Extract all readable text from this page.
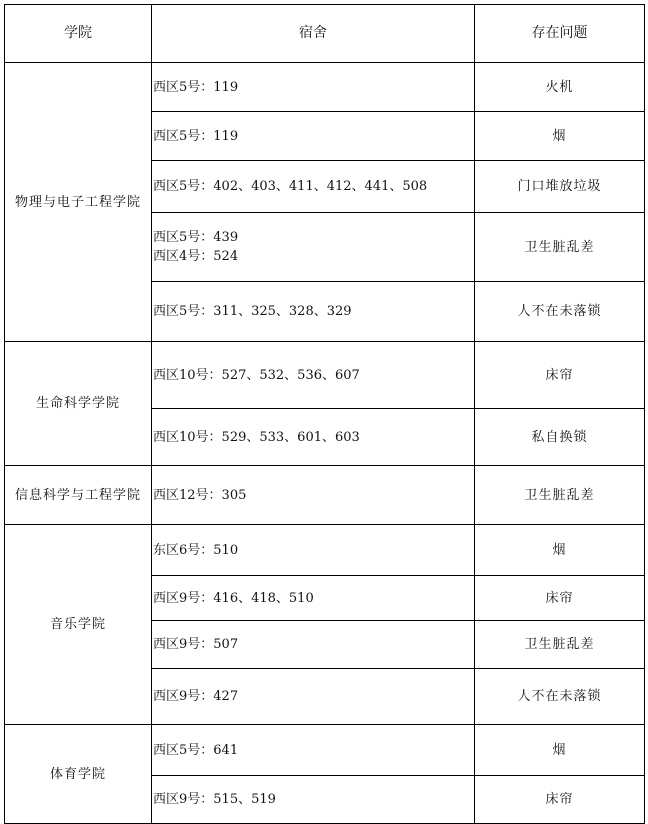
学院	宿舍	存在问题
物理与电子工程学院	西区5号：119	火机

	西区5号：119	烟

	西区5号：402、403、411、412、441、508	门口堆放垃圾

	西区5号：439
西区4号：524	卫生脏乱差

	西区5号：311、325、328、329	人不在未落锁
生命科学学院	西区10号：527、532、536、607	床帘

	西区10号：529、533、601、603	私自换锁
信息科学与工程学院	西区12号：305	卫生脏乱差
音乐学院	东区6号：510	烟

	西区9号：416、418、510	床帘

	西区9号：507	卫生脏乱差

	西区9号：427	人不在未落锁
体育学院	西区5号：641	烟

	西区9号：515、519	床帘
